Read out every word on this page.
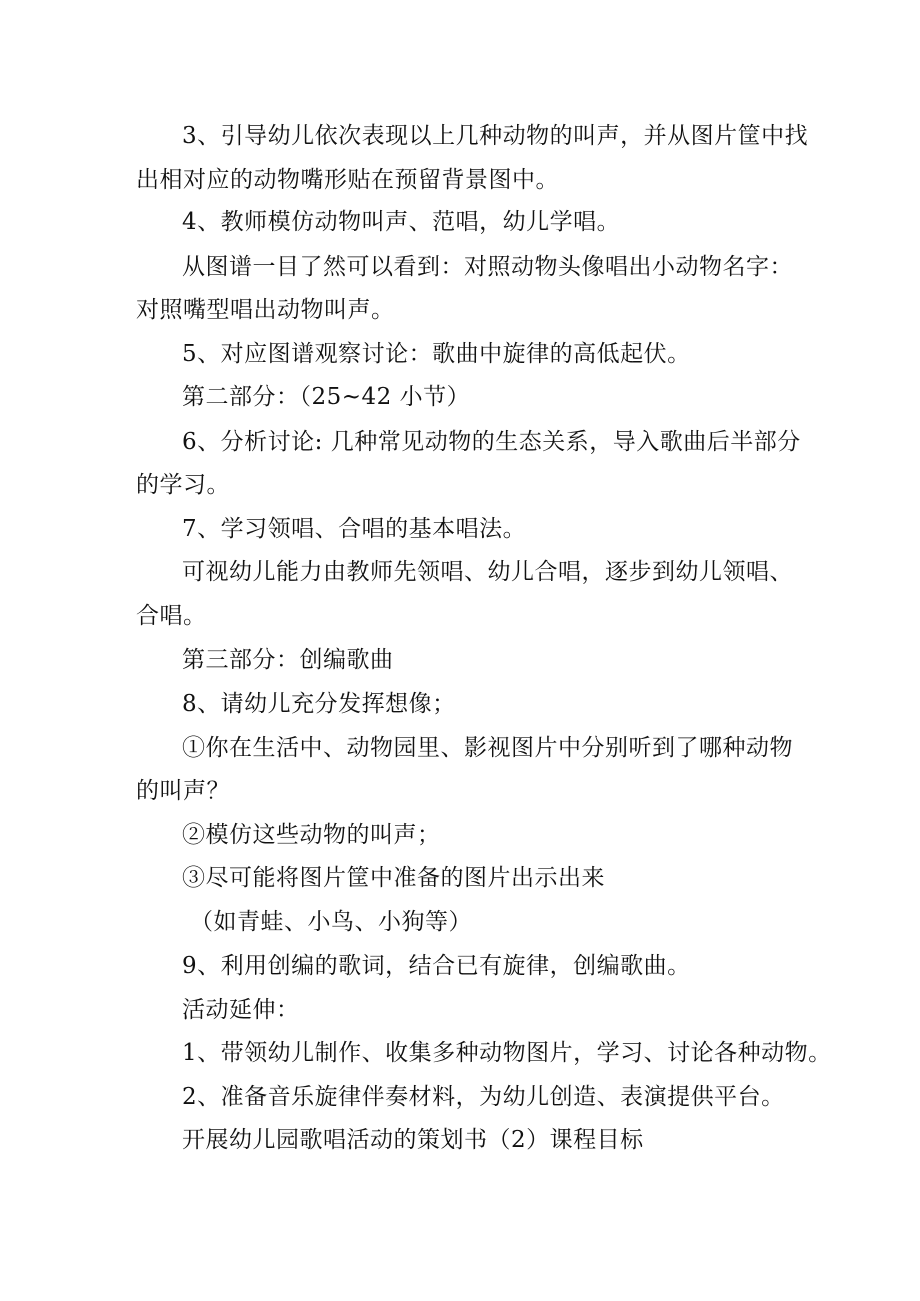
3、引导幼儿依次表现以上几种动物的叫声，并从图片筐中找
出相对应的动物嘴形贴在预留背景图中。
4、教师模仿动物叫声、范唱，幼儿学唱。
从图谱一目了然可以看到：对照动物头像唱出小动物名字：
对照嘴型唱出动物叫声。
5、对应图谱观察讨论：歌曲中旋律的高低起伏。
第二部分：（25~42 小节）
6、分析讨论: 几种常见动物的生态关系，导入歌曲后半部分
的学习。
7、学习领唱、合唱的基本唱法。
可视幼儿能力由教师先领唱、幼儿合唱，逐步到幼儿领唱、
合唱。
第三部分：创编歌曲
8、请幼儿充分发挥想像；
①你在生活中、动物园里、影视图片中分别听到了哪种动物
的叫声？
②模仿这些动物的叫声；
③尽可能将图片筐中准备的图片出示出来
（如青蛙、小鸟、小狗等）
9、利用创编的歌词，结合已有旋律，创编歌曲。
活动延伸：
1、带领幼儿制作、收集多种动物图片，学习、讨论各种动物。
2、准备音乐旋律伴奏材料，为幼儿创造、表演提供平台。
开展幼儿园歌唱活动的策划书（2）课程目标
